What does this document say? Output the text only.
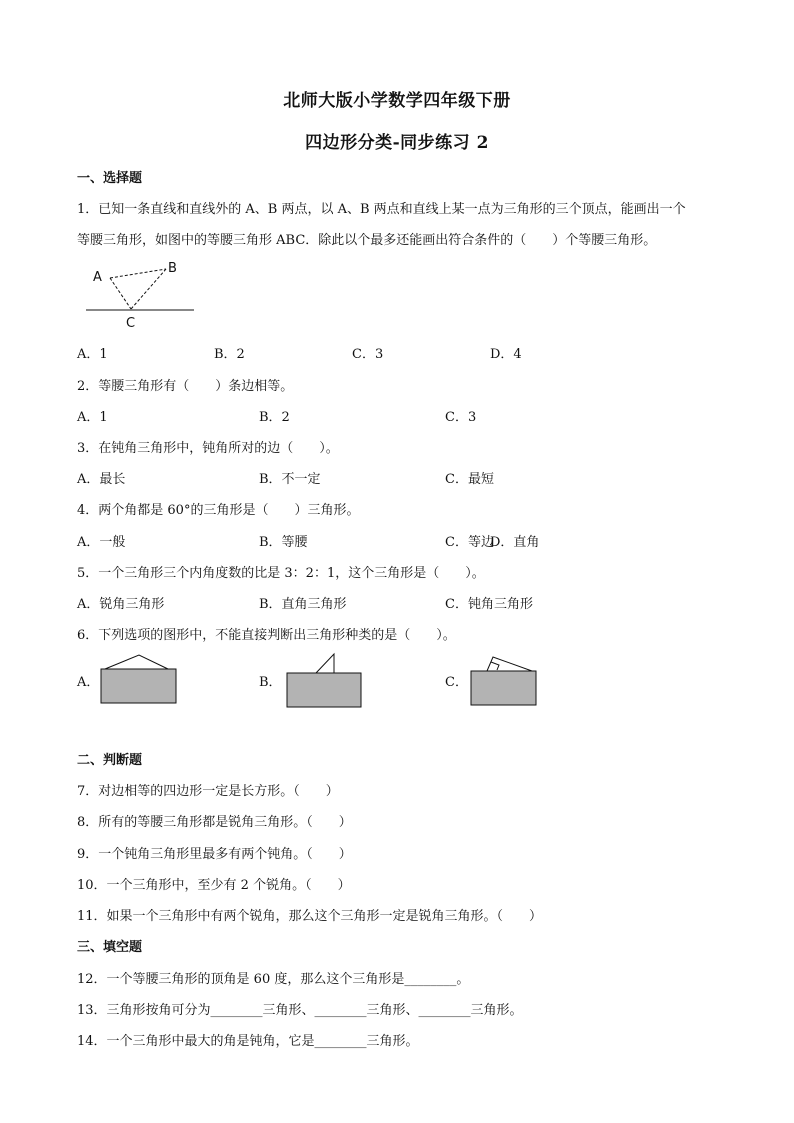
北师大版小学数学四年级下册
四边形分类-同步练习 2
一、选择题
1．已知一条直线和直线外的 A、B 两点，以 A、B 两点和直线上某一点为三角形的三个顶点，能画出一个
等腰三角形，如图中的等腰三角形 ABC．除此以个最多还能画出符合条件的（　　）个等腰三角形。
A
B
C
A．1	B．2	C．3	D．4
2．等腰三角形有（　　）条边相等。
A．1	B．2	C．3
3．在钝角三角形中，钝角所对的边（　　）。
A．最长	B．不一定	C．最短
4．两个角都是 60°的三角形是（　　）三角形。
A．一般	B．等腰	C．等边
D．直角
5．一个三角形三个内角度数的比是 3：2：1，这个三角形是（　　）。
A．锐角三角形	B．直角三角形	C．钝角三角形
6．下列选项的图形中，不能直接判断出三角形种类的是（　　）。
A．	B．	C．
二、判断题
7．对边相等的四边形一定是长方形。（　　）
8．所有的等腰三角形都是锐角三角形。（　　）
9．一个钝角三角形里最多有两个钝角。（　　）
10．一个三角形中，至少有 2 个锐角。（　　）
11．如果一个三角形中有两个锐角，那么这个三角形一定是锐角三角形。（　　）
三、填空题
12．一个等腰三角形的顶角是 60 度，那么这个三角形是________。
13．三角形按角可分为________三角形、________三角形、________三角形。
14．一个三角形中最大的角是钝角，它是________三角形。
